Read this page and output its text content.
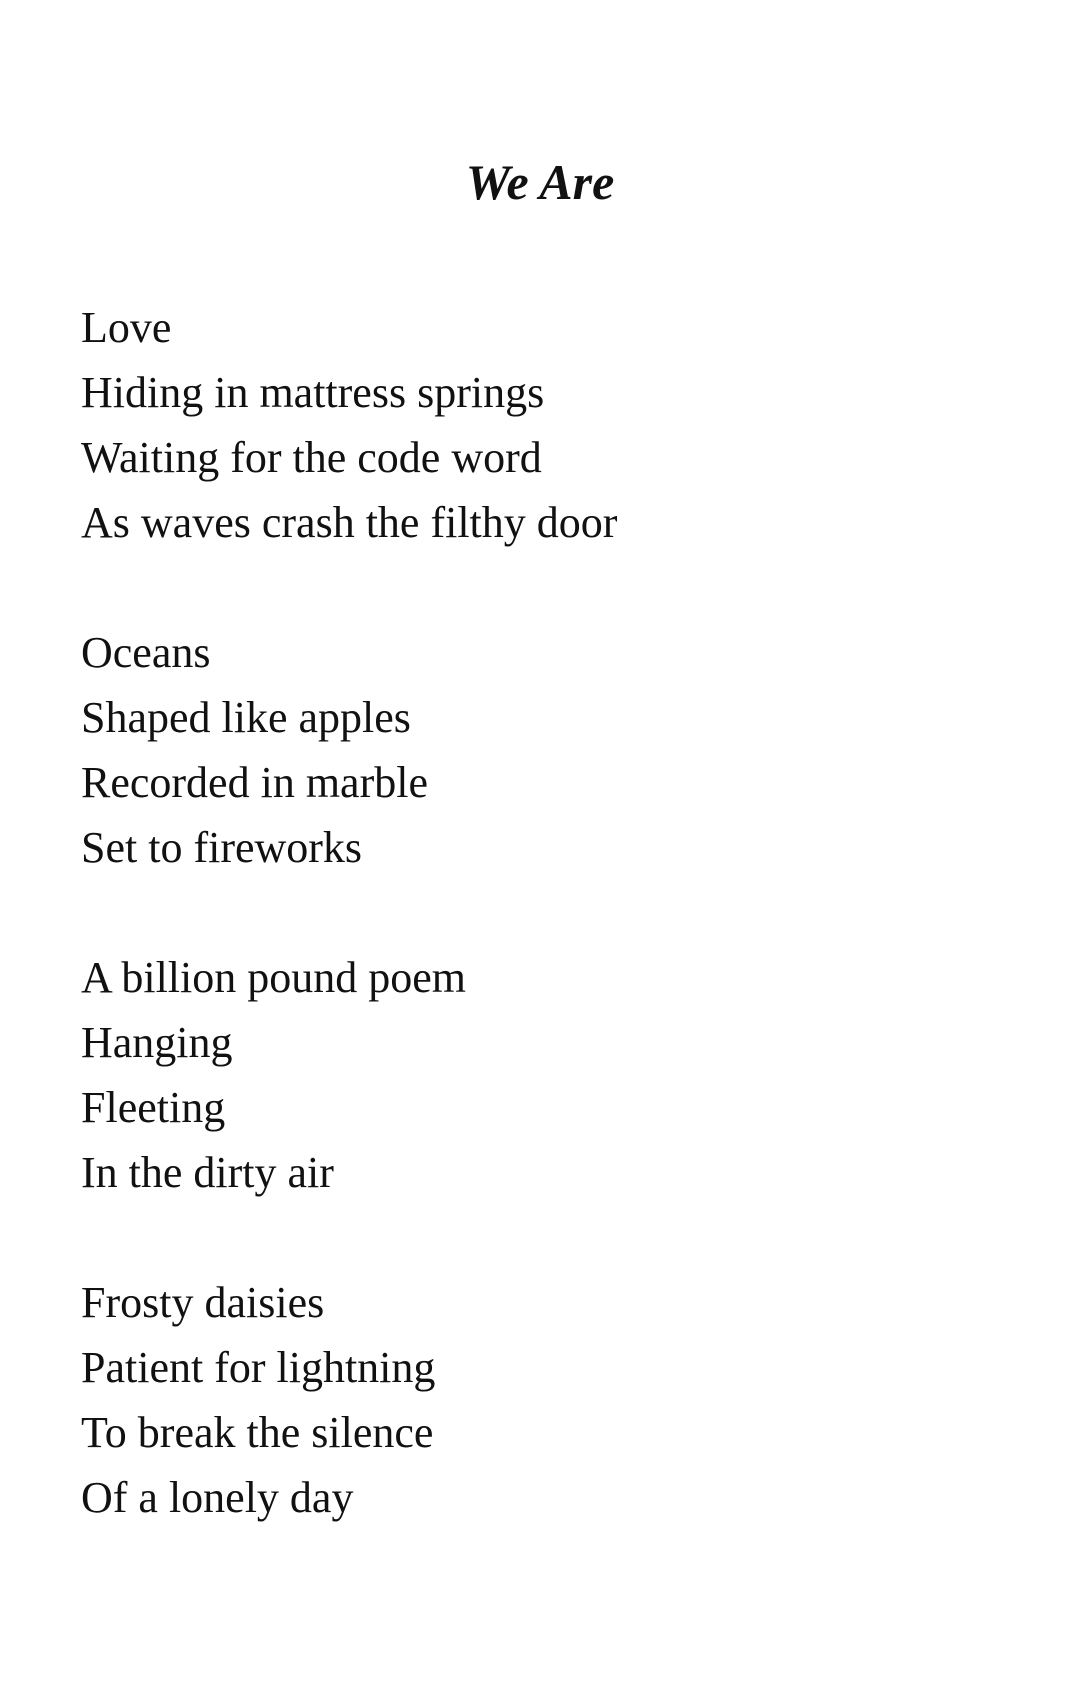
We Are
Love
Hiding in mattress springs
Waiting for the code word
As waves crash the filthy door
Oceans
Shaped like apples
Recorded in marble
Set to fireworks
A billion pound poem
Hanging
Fleeting
In the dirty air
Frosty daisies
Patient for lightning
To break the silence
Of a lonely day
